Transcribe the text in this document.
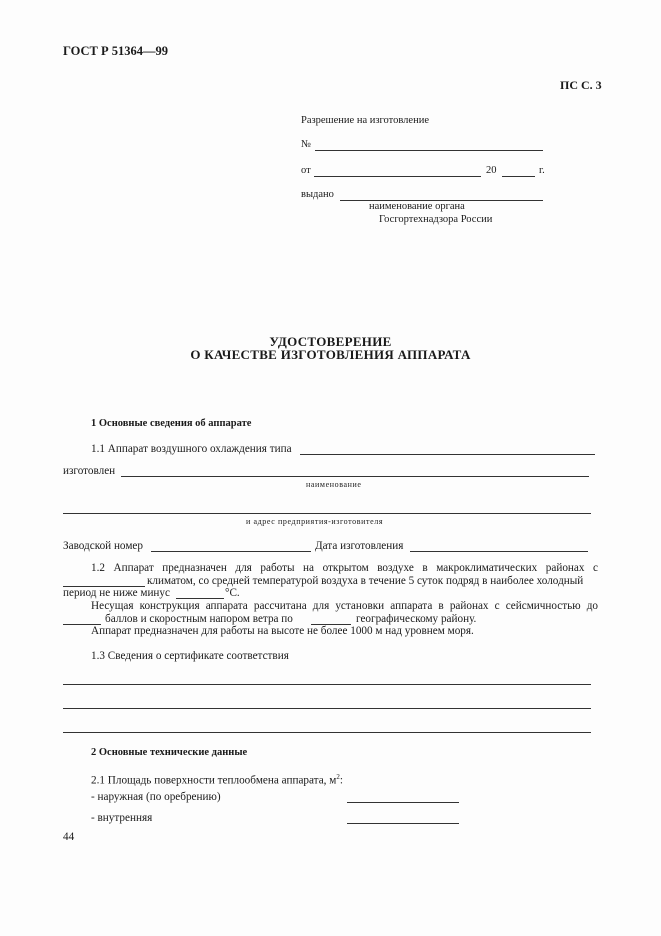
ГОСТ Р 51364—99
ПС С. 3
Разрешение на изготовление
№
от	20	г.
выдано
наименование органа
Госгортехнадзора России
УДОСТОВЕРЕНИЕ
О КАЧЕСТВЕ ИЗГОТОВЛЕНИЯ АППАРАТА
1 Основные сведения об аппарате
1.1 Аппарат воздушного охлаждения типа
изготовлен
наименование
и адрес предприятия-изготовителя
Заводской номер	Дата изготовления
1.2 Аппарат предназначен для работы на открытом воздухе в макроклиматических районах с
климатом, со средней температурой воздуха в течение 5 суток подряд в наиболее холодный
период не ниже минус	°С.
Несущая конструкция аппарата рассчитана для установки аппарата в районах с сейсмичностью до
баллов и скоростным напором ветра по	географическому району.
Аппарат предназначен для работы на высоте не более 1000 м над уровнем моря.
1.3 Сведения о сертификате соответствия
2 Основные технические данные
2.1 Площадь поверхности теплообмена аппарата, $м^2$:
- наружная (по оребрению)
- внутренняя
44
